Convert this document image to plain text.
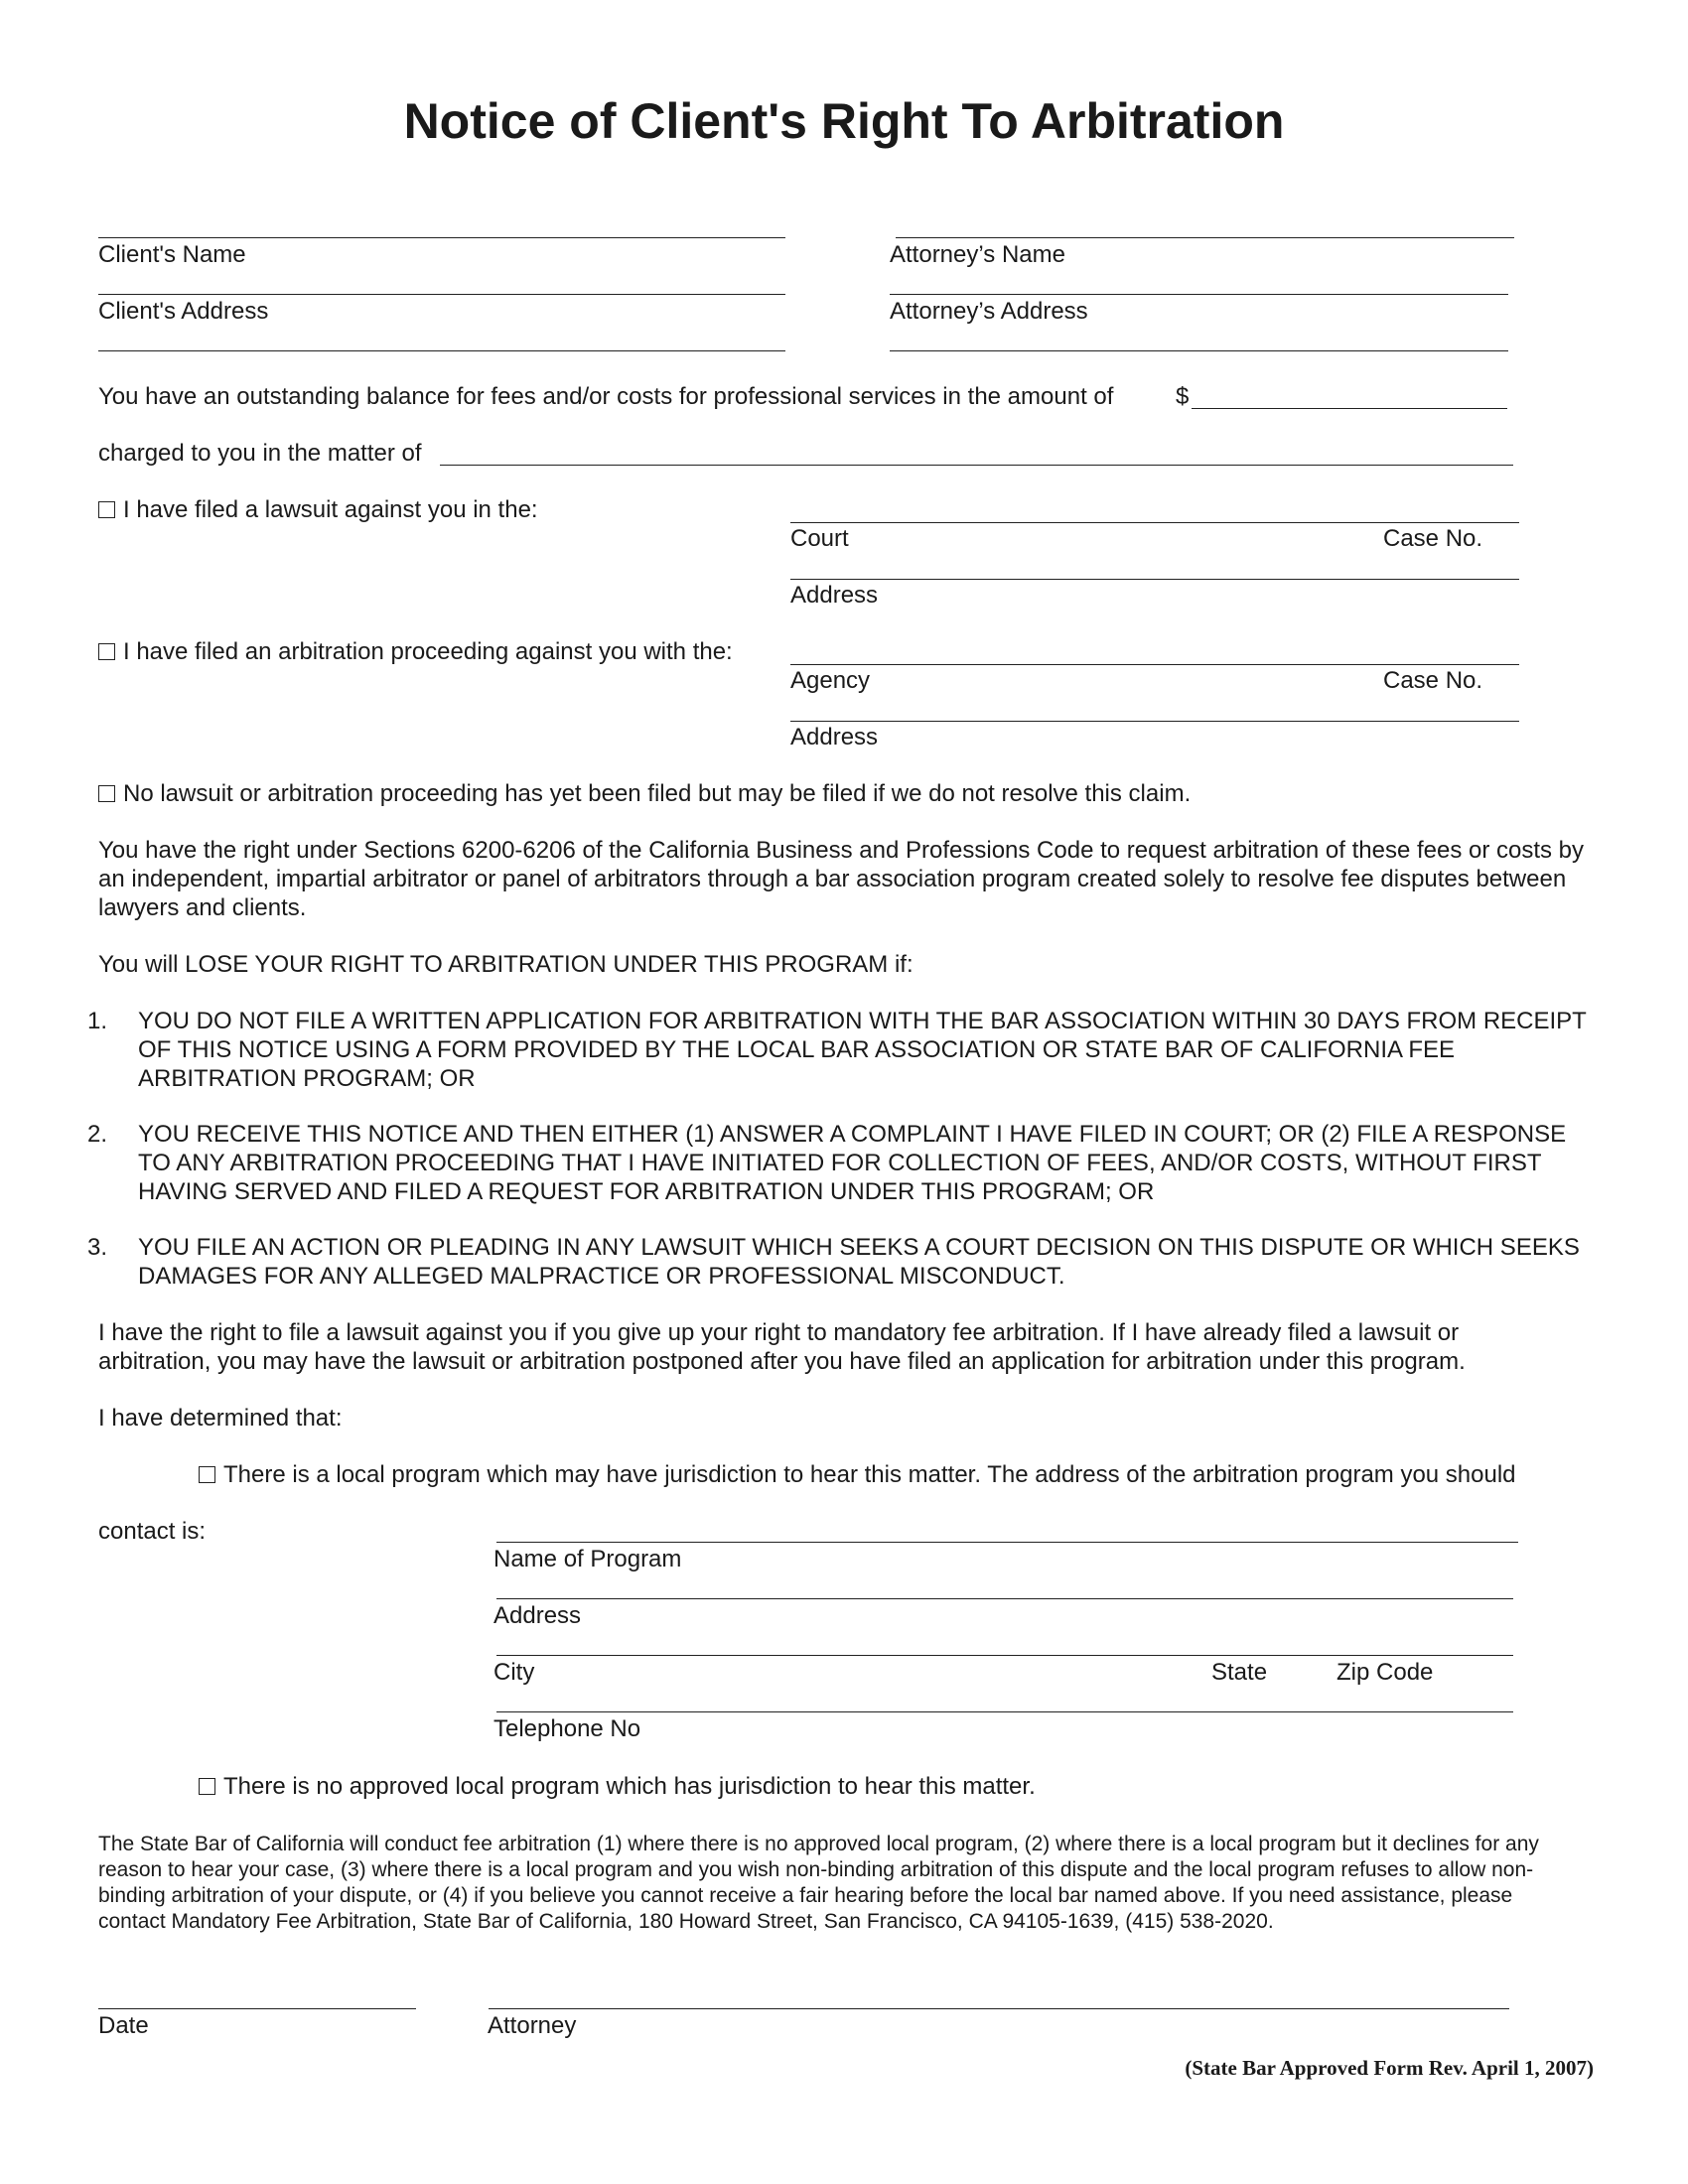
Notice of Client's Right To Arbitration
Client's Name	Attorney’s Name
Client's Address	Attorney’s Address
You have an outstanding balance for fees and/or costs for professional services in the amount of	$
charged to you in the matter of
I have filed a lawsuit against you in the:
Court	Case No.
Address
I have filed an arbitration proceeding against you with the:
Agency	Case No.
Address
No lawsuit or arbitration proceeding has yet been filed but may be filed if we do not resolve this claim.
You have the right under Sections 6200-6206 of the California Business and Professions Code to request arbitration of these fees or costs by an independent, impartial arbitrator or panel of arbitrators through a bar association program created solely to resolve fee disputes between lawyers and clients.
You will LOSE YOUR RIGHT TO ARBITRATION UNDER THIS PROGRAM if:
1. YOU DO NOT FILE A WRITTEN APPLICATION FOR ARBITRATION WITH THE BAR ASSOCIATION WITHIN 30 DAYS FROM RECEIPT OF THIS NOTICE USING A FORM PROVIDED BY THE LOCAL BAR ASSOCIATION OR STATE BAR OF CALIFORNIA FEE ARBITRATION PROGRAM; OR
2. YOU RECEIVE THIS NOTICE AND THEN EITHER (1) ANSWER A COMPLAINT I HAVE FILED IN COURT; OR (2) FILE A RESPONSE TO ANY ARBITRATION PROCEEDING THAT I HAVE INITIATED FOR COLLECTION OF FEES, AND/OR COSTS, WITHOUT FIRST HAVING SERVED AND FILED A REQUEST FOR ARBITRATION UNDER THIS PROGRAM; OR
3. YOU FILE AN ACTION OR PLEADING IN ANY LAWSUIT WHICH SEEKS A COURT DECISION ON THIS DISPUTE OR WHICH SEEKS DAMAGES FOR ANY ALLEGED MALPRACTICE OR PROFESSIONAL MISCONDUCT.
I have the right to file a lawsuit against you if you give up your right to mandatory fee arbitration. If I have already filed a lawsuit or arbitration, you may have the lawsuit or arbitration postponed after you have filed an application for arbitration under this program.
I have determined that:
There is a local program which may have jurisdiction to hear this matter. The address of the arbitration program you should
contact is:
Name of Program
Address
City	State	Zip Code
Telephone No
There is no approved local program which has jurisdiction to hear this matter.
The State Bar of California will conduct fee arbitration (1) where there is no approved local program, (2) where there is a local program but it declines for any reason to hear your case, (3) where there is a local program and you wish non-binding arbitration of this dispute and the local program refuses to allow non-binding arbitration of your dispute, or (4) if you believe you cannot receive a fair hearing before the local bar named above. If you need assistance, please contact Mandatory Fee Arbitration, State Bar of California, 180 Howard Street, San Francisco, CA 94105-1639, (415) 538-2020.
Date	Attorney
(State Bar Approved Form Rev. April 1, 2007)
